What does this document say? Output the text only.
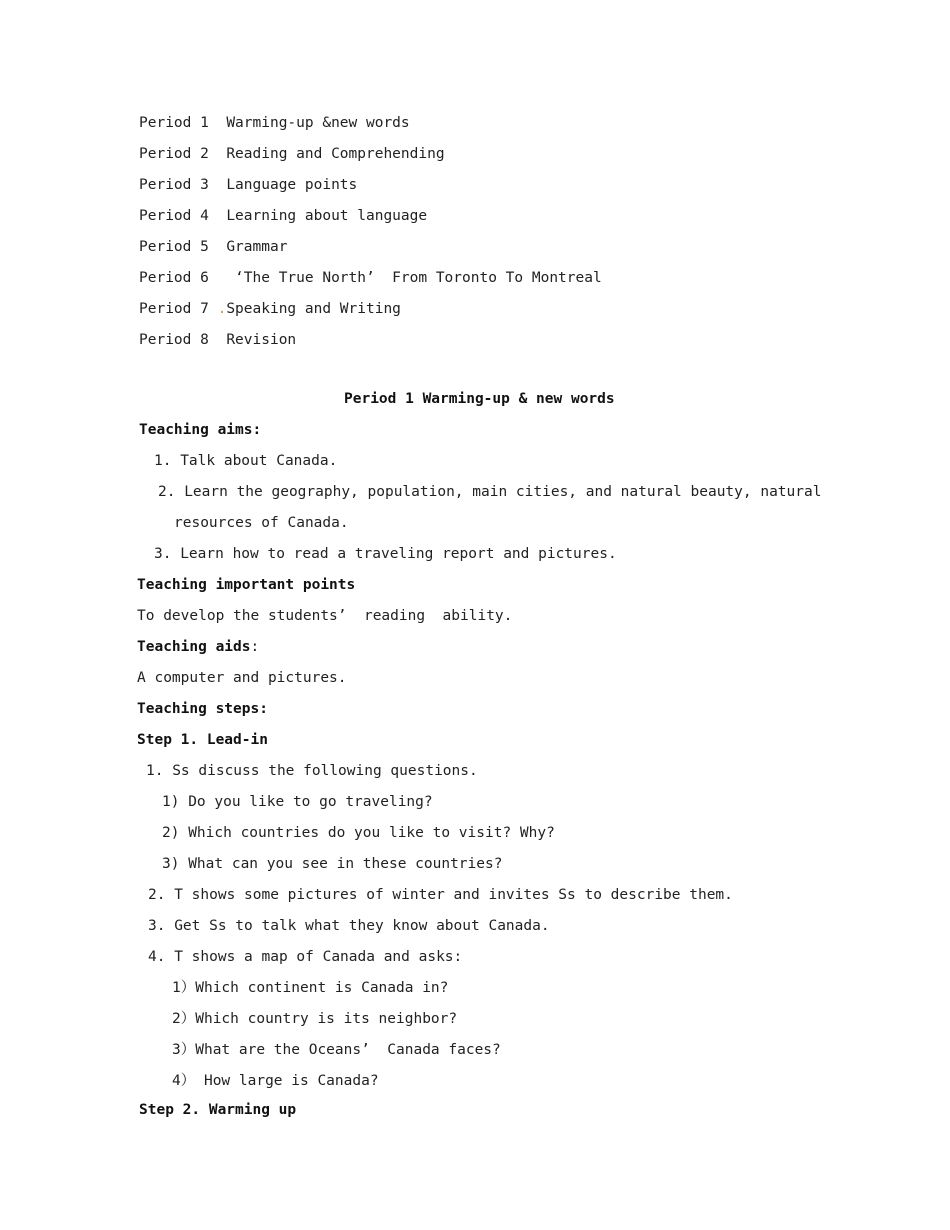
Period 1 Warming-up &new words
Period 2 Reading and Comprehending
Period 3 Language points
Period 4 Learning about language
Period 5 Grammar
Period 6   ‘The True North’  From Toronto To Montreal
Period 7 .Speaking and Writing
Period 8 Revision
Period 1 Warming-up & new words
Teaching aims:
1. Talk about Canada.
2. Learn the geography, population, main cities, and natural beauty, natural
resources of Canada.
3. Learn how to read a traveling report and pictures.
Teaching important points
To develop the students’  reading  ability.
Teaching aids:
A computer and pictures.
Teaching steps:
Step 1. Lead-in
1. Ss discuss the following questions.
1) Do you like to go traveling?
2) Which countries do you like to visit? Why?
3) What can you see in these countries?
2. T shows some pictures of winter and invites Ss to describe them.
3. Get Ss to talk what they know about Canada.
4. T shows a map of Canada and asks:
1）Which continent is Canada in?
2）Which country is its neighbor?
3）What are the Oceans’  Canada faces?
4） How large is Canada?
Step 2. Warming up
